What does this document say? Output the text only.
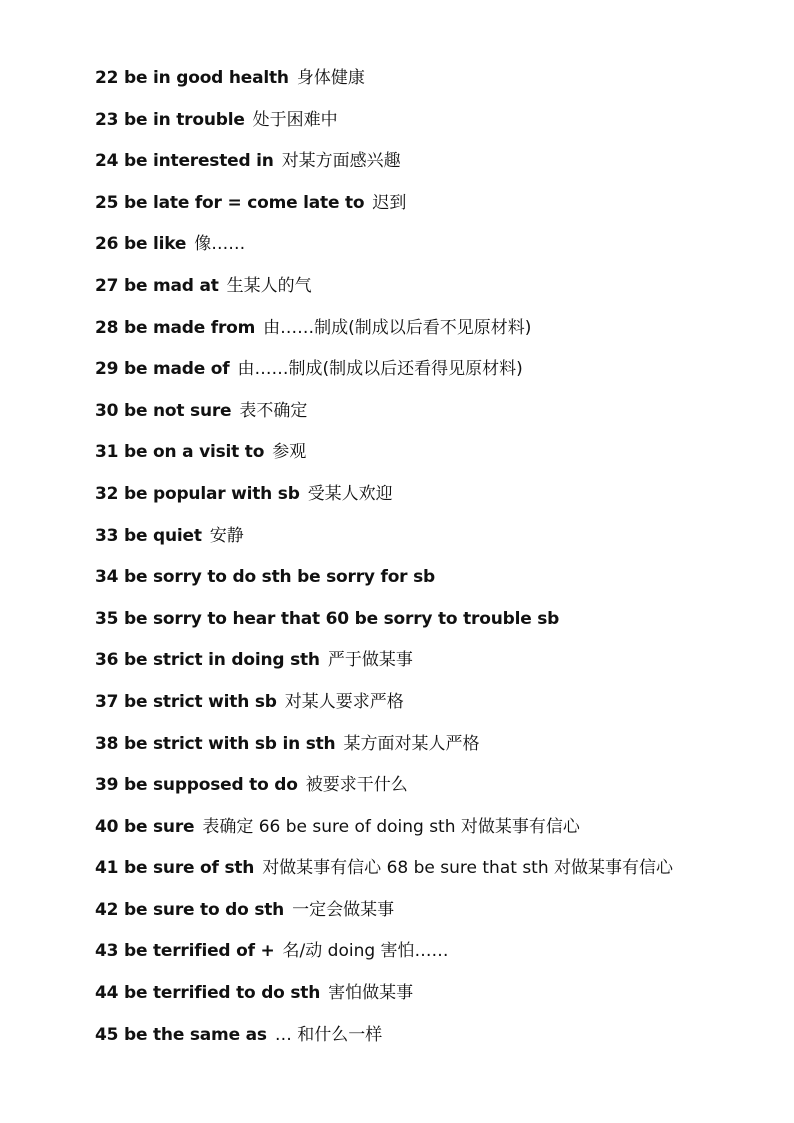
22 be in good health 身体健康
23 be in trouble 处于困难中
24 be interested in 对某方面感兴趣
25 be late for = come late to 迟到
26 be like 像……
27 be mad at 生某人的气
28 be made from 由……制成(制成以后看不见原材料)
29 be made of 由……制成(制成以后还看得见原材料)
30 be not sure 表不确定
31 be on a visit to 参观
32 be popular with sb 受某人欢迎
33 be quiet 安静
34 be sorry to do sth be sorry for sb
35 be sorry to hear that 60 be sorry to trouble sb
36 be strict in doing sth 严于做某事
37 be strict with sb 对某人要求严格
38 be strict with sb in sth 某方面对某人严格
39 be supposed to do 被要求干什么
40 be sure 表确定 66 be sure of doing sth 对做某事有信心
41 be sure of sth 对做某事有信心 68 be sure that sth 对做某事有信心
42 be sure to do sth 一定会做某事
43 be terrified of + 名/动 doing 害怕……
44 be terrified to do sth 害怕做某事
45 be the same as … 和什么一样
